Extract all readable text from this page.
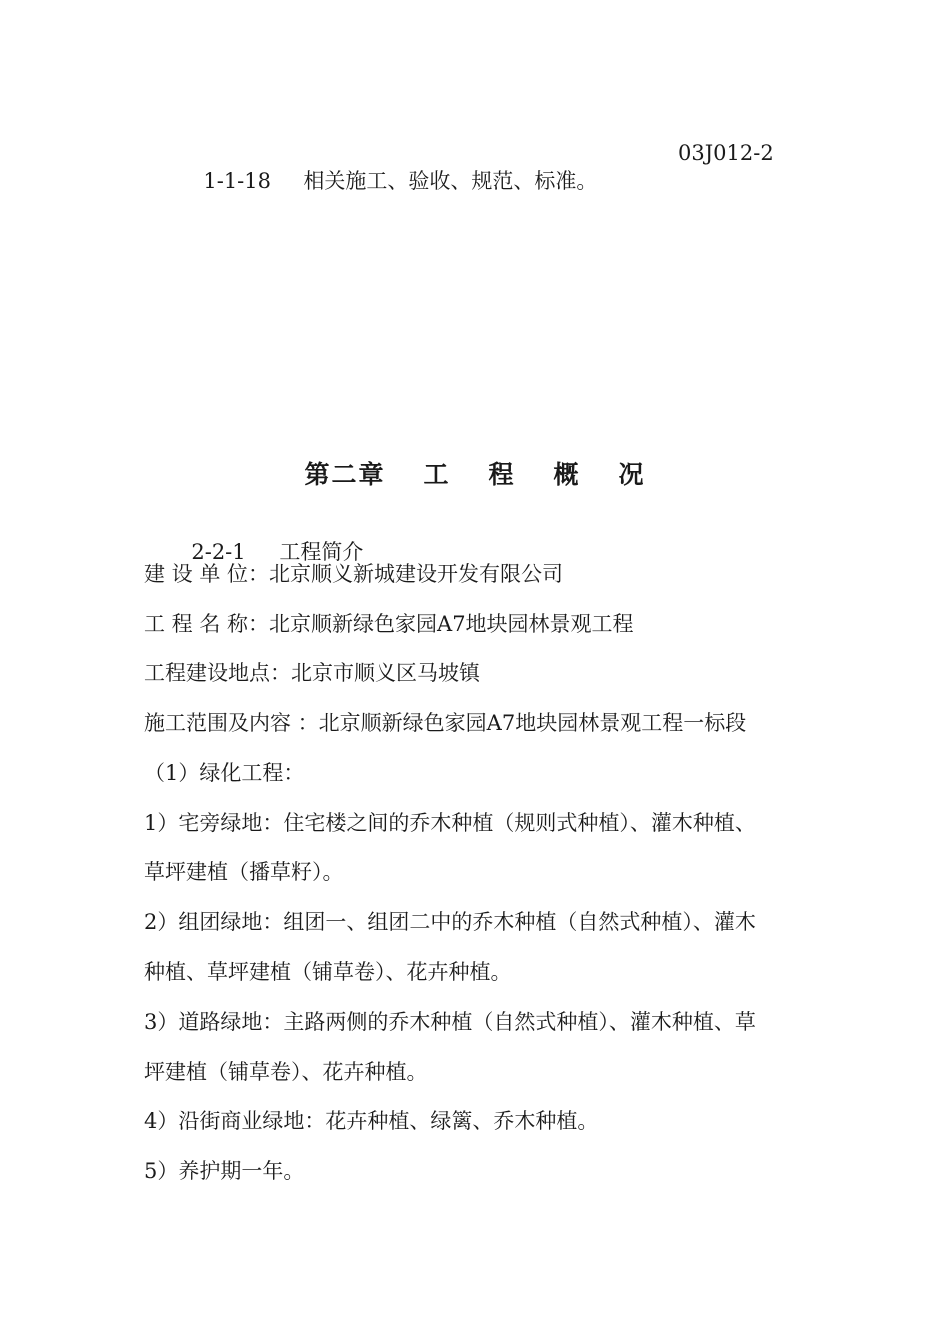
1-1-18 相关施工、验收、规范、标准。
03J012-2

第二章 工 程 概 况

2-2-1 工程简介

建 设 单 位：北京顺义新城建设开发有限公司
工 程 名 称：北京顺新绿色家园A7地块园林景观工程
工程建设地点：北京市顺义区马坡镇
施工范围及内容 ：北京顺新绿色家园A7地块园林景观工程一标段
（1）绿化工程：
1）宅旁绿地：住宅楼之间的乔木种植（规则式种植）、灌木种植、
草坪建植（播草籽）。
2）组团绿地：组团一、组团二中的乔木种植（自然式种植）、灌木
种植、草坪建植（铺草卷）、花卉种植。
3）道路绿地：主路两侧的乔木种植（自然式种植）、灌木种植、草
坪建植（铺草卷）、花卉种植。
4）沿街商业绿地：花卉种植、绿篱、乔木种植。
5）养护期一年。
